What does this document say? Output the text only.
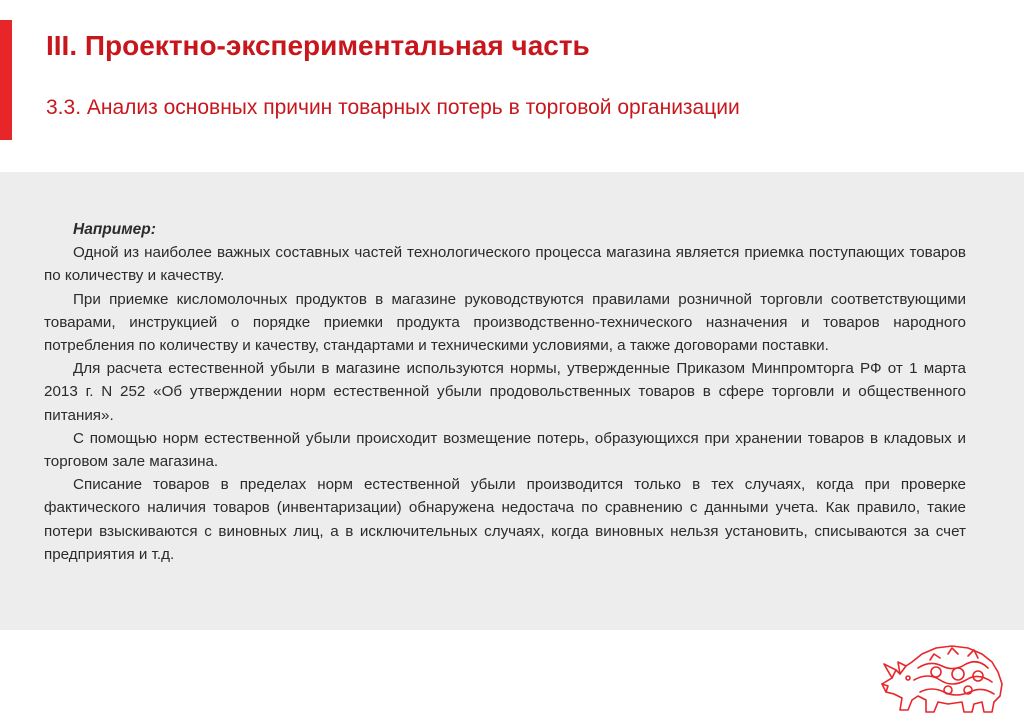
III. Проектно-экспериментальная часть
3.3. Анализ основных причин товарных потерь в торговой организации

Например:

Одной из наиболее важных составных частей технологического процесса магазина является приемка поступающих товаров по количеству и качеству.

При приемке кисломолочных продуктов в магазине руководствуются правилами розничной торговли соответствующими товарами, инструкцией о порядке приемки продукта производственно-технического назначения и товаров народного потребления по количеству и качеству, стандартами и техническими условиями, а также договорами поставки.

Для расчета естественной убыли в магазине используются нормы, утвержденные Приказом Минпромторга РФ от 1 марта 2013 г. N 252 «Об утверждении норм естественной убыли продовольственных товаров в сфере торговли и общественного питания».

С помощью норм естественной убыли происходит возмещение потерь, образующихся при хранении товаров в кладовых и торговом зале магазина.

Списание товаров в пределах норм естественной убыли производится только в тех случаях, когда при проверке фактического наличия товаров (инвентаризации) обнаружена недостача по сравнению с данными учета. Как правило, такие потери взыскиваются с виновных лиц, а в исключительных случаях, когда виновных нельзя установить, списываются за счет предприятия и т.д.
